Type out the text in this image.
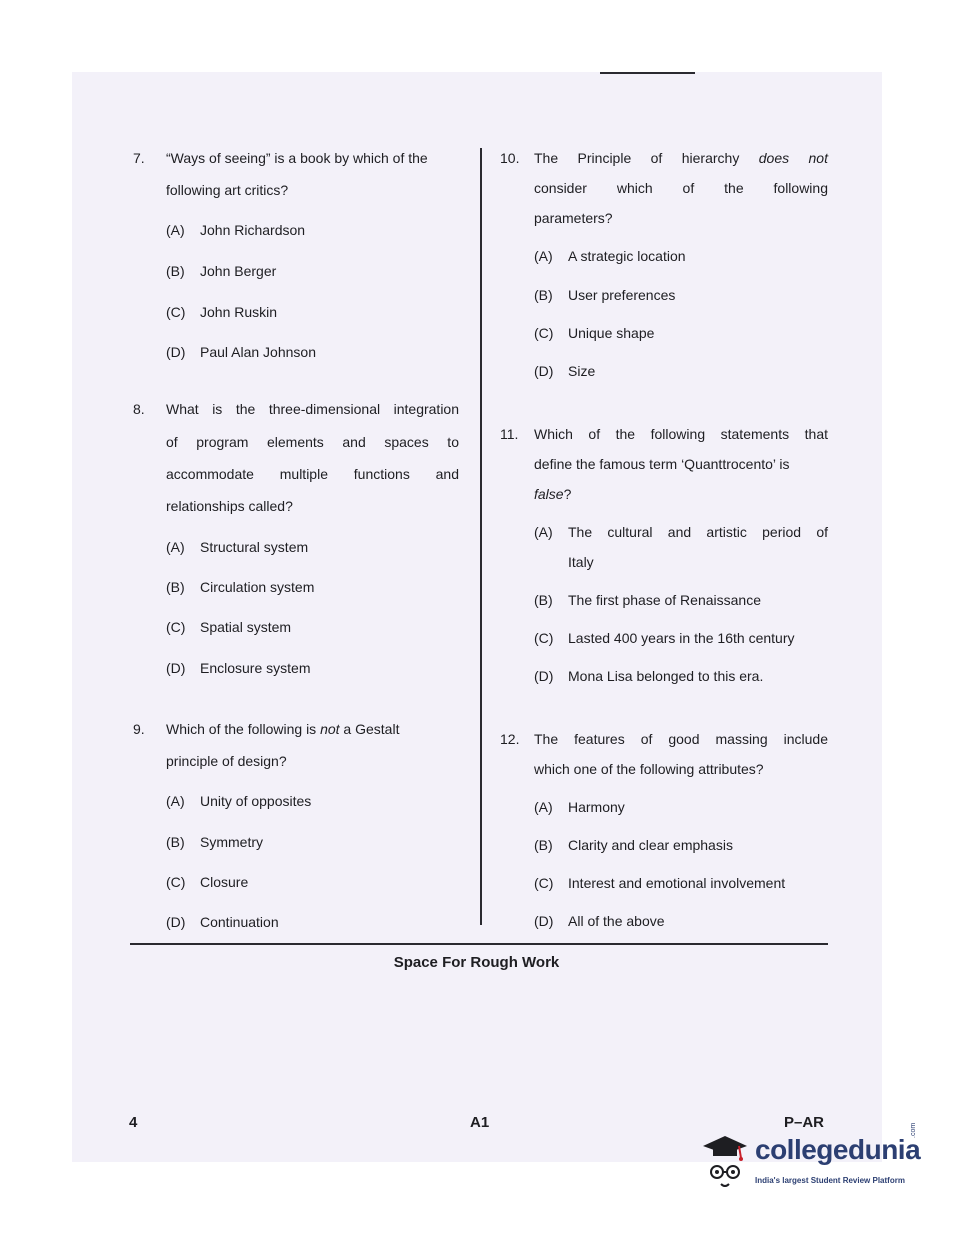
7. “Ways of seeing” is a book by which of the
following art critics?
(A) John Richardson
(B) John Berger
(C) John Ruskin
(D) Paul Alan Johnson
8. What is the three-dimensional integration
of program elements and spaces to
accommodate multiple functions and
relationships called?
(A) Structural system
(B) Circulation system
(C) Spatial system
(D) Enclosure system
9. Which of the following is not a Gestalt
principle of design?
(A) Unity of opposites
(B) Symmetry
(C) Closure
(D) Continuation
10. The Principle of hierarchy does not
consider which of the following
parameters?
(A) A strategic location
(B) User preferences
(C) Unique shape
(D) Size
11. Which of the following statements that
define the famous term ‘Quanttrocento’ is
false?
(A) The cultural and artistic period of
Italy
(B) The first phase of Renaissance
(C) Lasted 400 years in the 16th century
(D) Mona Lisa belonged to this era.
12. The features of good massing include
which one of the following attributes?
(A) Harmony
(B) Clarity and clear emphasis
(C) Interest and emotional involvement
(D) All of the above
Space For Rough Work
4	A1	P–AR
collegedunia
.com
India's largest Student Review Platform
